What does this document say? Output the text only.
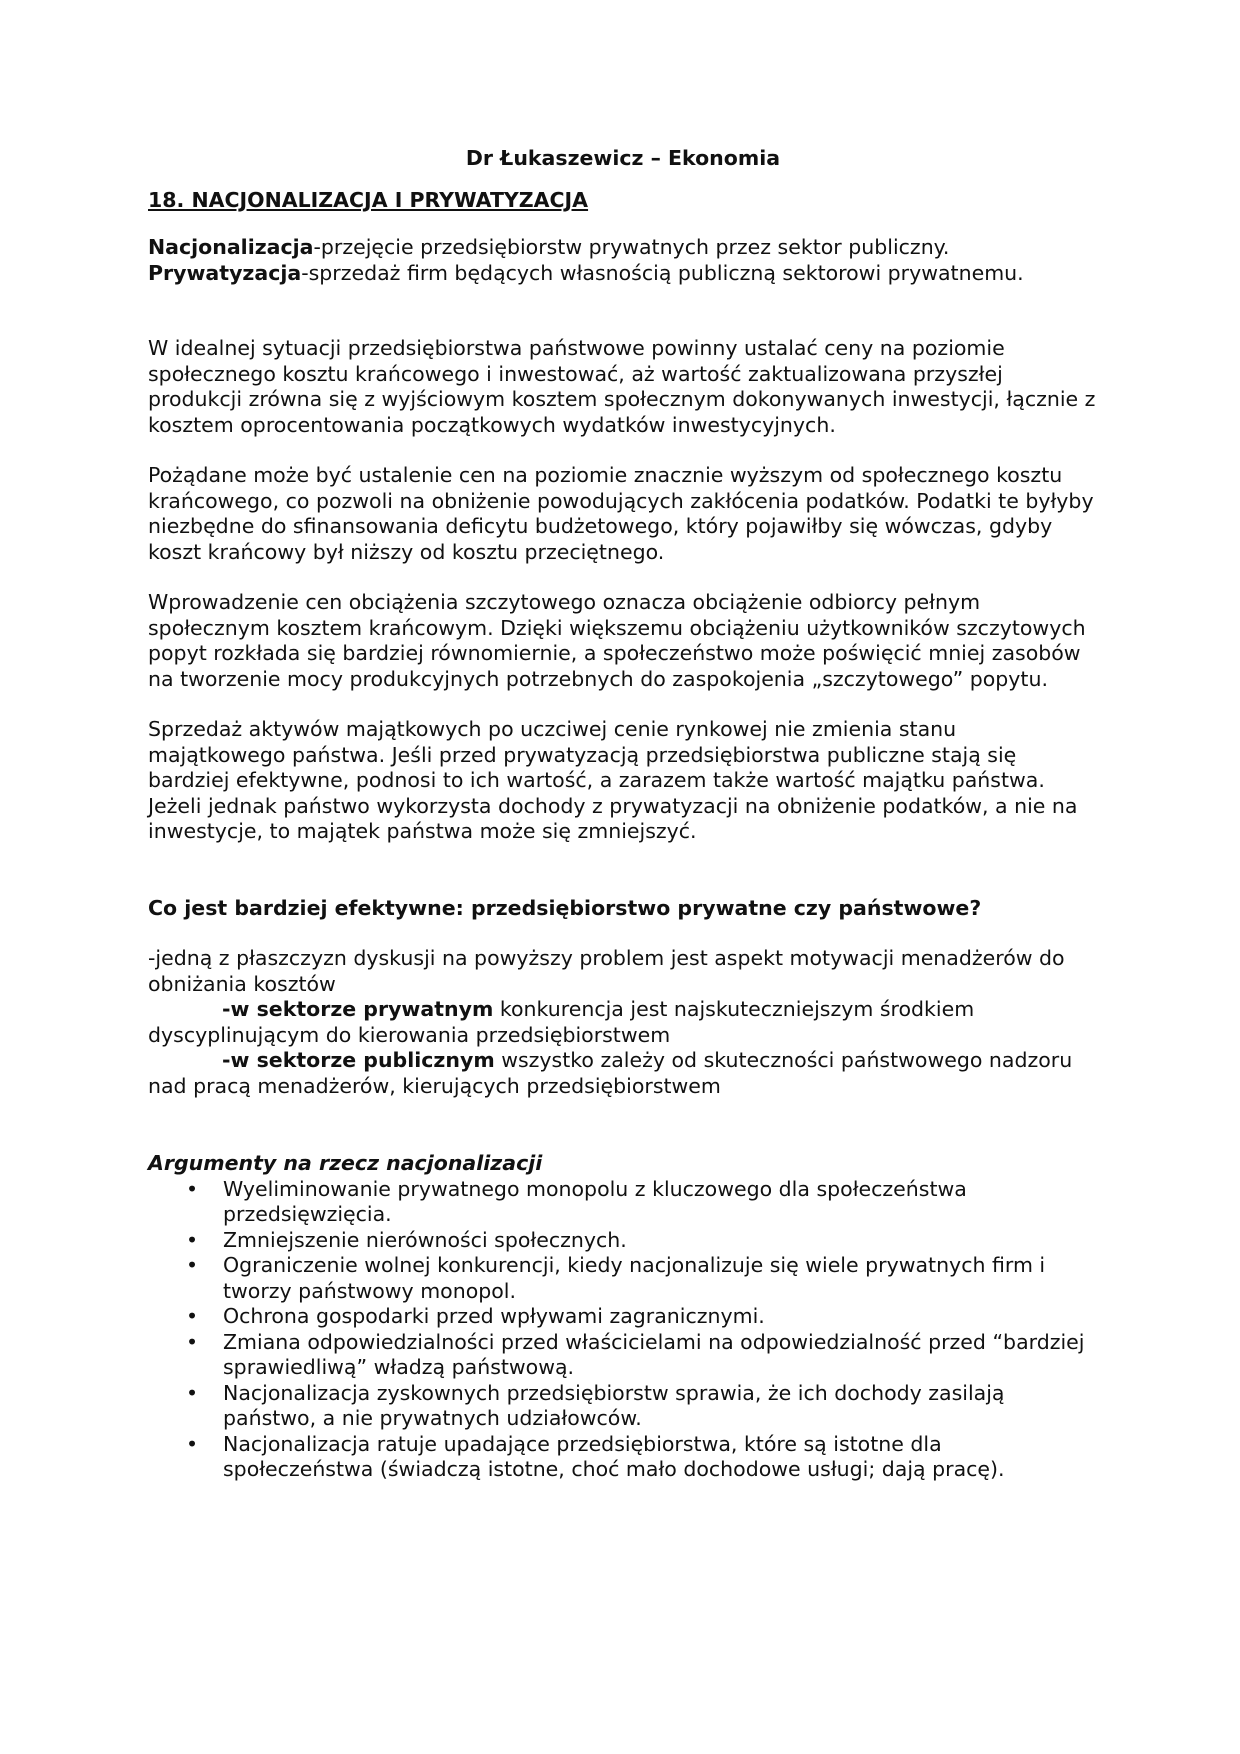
Dr Łukaszewicz – Ekonomia

18. NACJONALIZACJA I PRYWATYZACJA

Nacjonalizacja-przejęcie przedsiębiorstw prywatnych przez sektor publiczny.

Prywatyzacja-sprzedaż firm będących własnością publiczną sektorowi prywatnemu.

W idealnej sytuacji przedsiębiorstwa państwowe powinny ustalać ceny na poziomie społecznego kosztu krańcowego i inwestować, aż wartość zaktualizowana przyszłej produkcji zrówna się z wyjściowym kosztem społecznym dokonywanych inwestycji, łącznie z kosztem oprocentowania początkowych wydatków inwestycyjnych.

Pożądane może być ustalenie cen na poziomie znacznie wyższym od społecznego kosztu krańcowego, co pozwoli na obniżenie powodujących zakłócenia podatków. Podatki te byłyby niezbędne do sfinansowania deficytu budżetowego, który pojawiłby się wówczas, gdyby koszt krańcowy był niższy od kosztu przeciętnego.

Wprowadzenie cen obciążenia szczytowego oznacza obciążenie odbiorcy pełnym społecznym kosztem krańcowym. Dzięki większemu obciążeniu użytkowników szczytowych popyt rozkłada się bardziej równomiernie, a społeczeństwo może poświęcić mniej zasobów na tworzenie mocy produkcyjnych potrzebnych do zaspokojenia „szczytowego” popytu.

Sprzedaż aktywów majątkowych po uczciwej cenie rynkowej nie zmienia stanu majątkowego państwa. Jeśli przed prywatyzacją przedsiębiorstwa publiczne stają się bardziej efektywne, podnosi to ich wartość, a zarazem także wartość majątku państwa. Jeżeli jednak państwo wykorzysta dochody z prywatyzacji na obniżenie podatków, a nie na inwestycje, to majątek państwa może się zmniejszyć.

Co jest bardziej efektywne: przedsiębiorstwo prywatne czy państwowe?

-jedną z płaszczyzn dyskusji na powyższy problem jest aspekt motywacji menadżerów do obniżania kosztów

-w sektorze prywatnym konkurencja jest najskuteczniejszym środkiem dyscyplinującym do kierowania przedsiębiorstwem

-w sektorze publicznym wszystko zależy od skuteczności państwowego nadzoru nad pracą menadżerów, kierujących przedsiębiorstwem

Argumenty na rzecz nacjonalizacji

• Wyeliminowanie prywatnego monopolu z kluczowego dla społeczeństwa przedsięwzięcia.
• Zmniejszenie nierówności społecznych.
• Ograniczenie wolnej konkurencji, kiedy nacjonalizuje się wiele prywatnych firm i tworzy państwowy monopol.
• Ochrona gospodarki przed wpływami zagranicznymi.
• Zmiana odpowiedzialności przed właścicielami na odpowiedzialność przed “bardziej sprawiedliwą” władzą państwową.
• Nacjonalizacja zyskownych przedsiębiorstw sprawia, że ich dochody zasilają państwo, a nie prywatnych udziałowców.
• Nacjonalizacja ratuje upadające przedsiębiorstwa, które są istotne dla społeczeństwa (świadczą istotne, choć mało dochodowe usługi; dają pracę).
